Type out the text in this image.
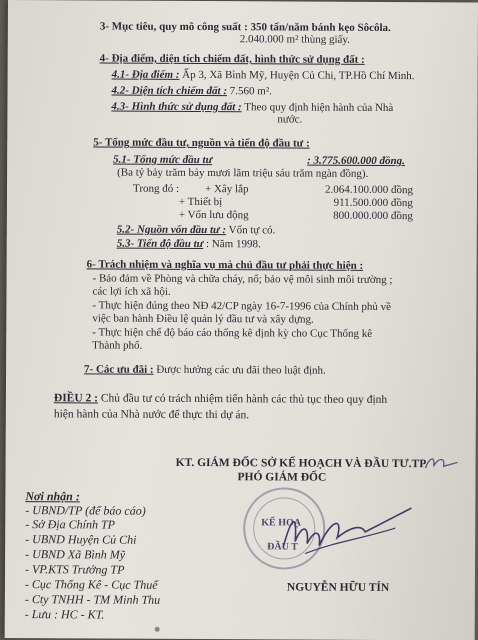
3- Mục tiêu, quy mô công suất : 350 tấn/năm bánh kẹo Sôcôla.
2.040.000 m² thùng giấy.
4- Địa điểm, diện tích chiếm đất, hình thức sử dụng đất :
4.1- Địa điểm : Ấp 3, Xã Bình Mỹ, Huyện Củ Chi, TP.Hồ Chí Minh.
4.2- Diện tích chiếm đất : 7.560 m².
4.3- Hình thức sử dụng đất : Theo quy định hiện hành của Nhà
nước.
5- Tổng mức đầu tư, nguồn và tiến độ đầu tư :
5.1- Tổng mức đầu tư	: 3.775.600.000 đồng.
(Ba tỷ bảy trăm bảy mươi lăm triệu sáu trăm ngàn đồng).
Trong đó : + Xây lắp	2.064.100.000 đồng
+ Thiết bị	911.500.000 đồng
+ Vốn lưu động	800.000.000 đồng
5.2- Nguồn vốn đầu tư : Vốn tự có.
5.3- Tiến độ đầu tư : Năm 1998.
6- Trách nhiệm và nghĩa vụ mà chủ đầu tư phải thực hiện :
- Bảo đảm về Phòng và chữa cháy, nổ; bảo vệ môi sinh môi trường ;
các lợi ích xã hội.
- Thực hiện đúng theo NĐ 42/CP ngày 16-7-1996 của Chính phủ về
việc ban hành Điều lệ quản lý đầu tư và xây dựng.
- Thực hiện chế độ báo cáo thống kê định kỳ cho Cục Thống kê
Thành phố.
7- Các ưu đãi : Được hưởng các ưu đãi theo luật định.
ĐIỀU 2 : Chủ đầu tư có trách nhiệm tiến hành các thủ tục theo quy định
hiện hành của Nhà nước để thực thi dự án.
KT. GIÁM ĐỐC SỞ KẾ HOẠCH VÀ ĐẦU TƯ.TP
PHÓ GIÁM ĐỐC
KẾ HOẠ
ĐẦU T
NGUYỄN HỮU TÍN
Nơi nhận :
- UBND/TP (để báo cáo)
- Sở Địa Chính TP
- UBND Huyện Củ Chi
- UBND Xã Bình Mỹ
- VP.KTS Trưởng TP
- Cục Thống Kê - Cục Thuế
- Cty TNHH - TM Minh Thu
- Lưu : HC - KT.
